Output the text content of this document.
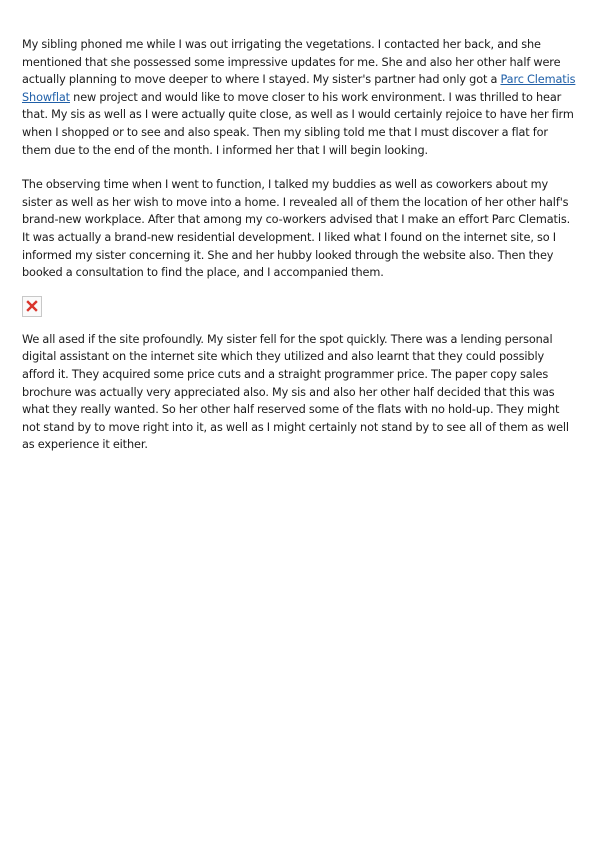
My sibling phoned me while I was out irrigating the vegetations. I contacted her back, and she mentioned that she possessed some impressive updates for me. She and also her other half were actually planning to move deeper to where I stayed. My sister's partner had only got a Parc Clematis Showflat new project and would like to move closer to his work environment. I was thrilled to hear that. My sis as well as I were actually quite close, as well as I would certainly rejoice to have her firm when I shopped or to see and also speak. Then my sibling told me that I must discover a flat for them due to the end of the month. I informed her that I will begin looking.

The observing time when I went to function, I talked my buddies as well as coworkers about my sister as well as her wish to move into a home. I revealed all of them the location of her other half's brand-new workplace. After that among my co-workers advised that I make an effort Parc Clematis. It was actually a brand-new residential development. I liked what I found on the internet site, so I informed my sister concerning it. She and her hubby looked through the website also. Then they booked a consultation to find the place, and I accompanied them.

We all ased if the site profoundly. My sister fell for the spot quickly. There was a lending personal digital assistant on the internet site which they utilized and also learnt that they could possibly afford it. They acquired some price cuts and a straight programmer price. The paper copy sales brochure was actually very appreciated also. My sis and also her other half decided that this was what they really wanted. So her other half reserved some of the flats with no hold-up. They might not stand by to move right into it, as well as I might certainly not stand by to see all of them as well as experience it either.
